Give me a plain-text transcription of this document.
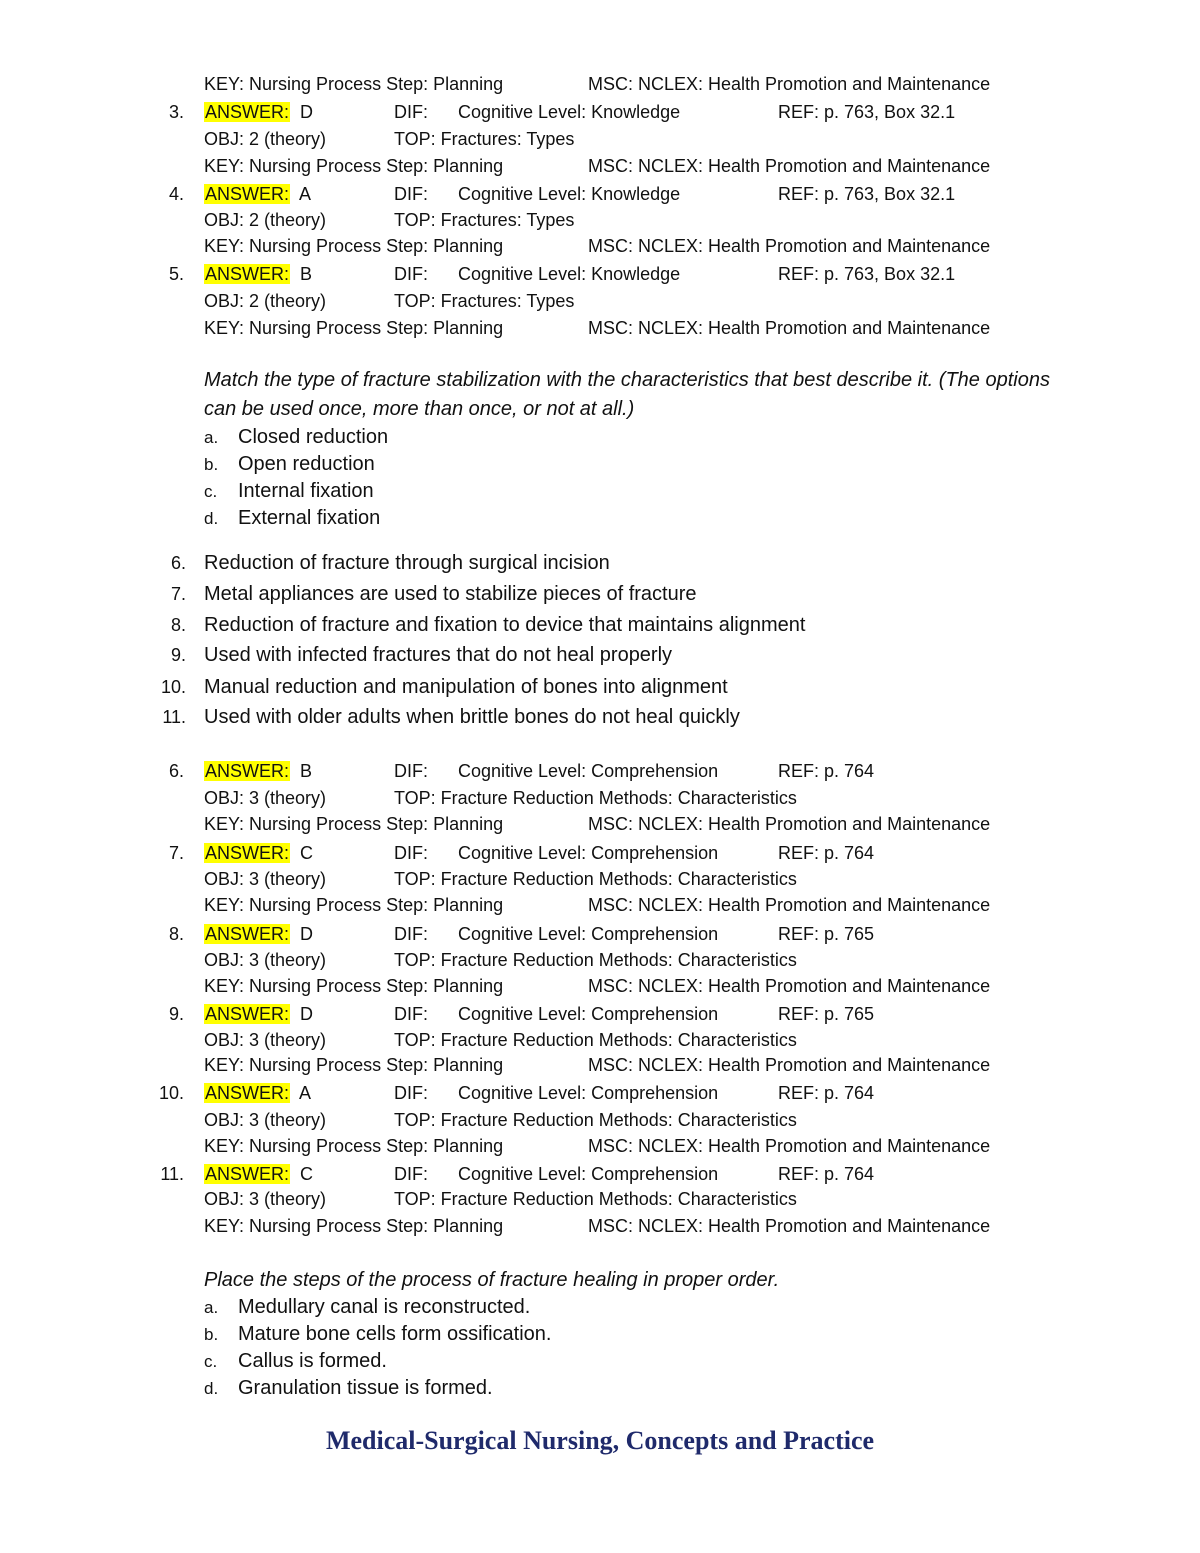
KEY: Nursing Process Step: Planning	MSC: NCLEX: Health Promotion and Maintenance
3. ANSWER: D	DIF: Cognitive Level: Knowledge	REF: p. 763, Box 32.1
OBJ: 2 (theory)	TOP: Fractures: Types
KEY: Nursing Process Step: Planning	MSC: NCLEX: Health Promotion and Maintenance
4. ANSWER: A	DIF: Cognitive Level: Knowledge	REF: p. 763, Box 32.1
OBJ: 2 (theory)	TOP: Fractures: Types
KEY: Nursing Process Step: Planning	MSC: NCLEX: Health Promotion and Maintenance
5. ANSWER: B	DIF: Cognitive Level: Knowledge	REF: p. 763, Box 32.1
OBJ: 2 (theory)	TOP: Fractures: Types
KEY: Nursing Process Step: Planning	MSC: NCLEX: Health Promotion and Maintenance
Match the type of fracture stabilization with the characteristics that best describe it. (The options can be used once, more than once, or not at all.)
a. Closed reduction
b. Open reduction
c. Internal fixation
d. External fixation
6. Reduction of fracture through surgical incision
7. Metal appliances are used to stabilize pieces of fracture
8. Reduction of fracture and fixation to device that maintains alignment
9. Used with infected fractures that do not heal properly
10. Manual reduction and manipulation of bones into alignment
11. Used with older adults when brittle bones do not heal quickly
6. ANSWER: B	DIF: Cognitive Level: Comprehension	REF: p. 764
OBJ: 3 (theory)	TOP: Fracture Reduction Methods: Characteristics
KEY: Nursing Process Step: Planning	MSC: NCLEX: Health Promotion and Maintenance
7. ANSWER: C	DIF: Cognitive Level: Comprehension	REF: p. 764
OBJ: 3 (theory)	TOP: Fracture Reduction Methods: Characteristics
KEY: Nursing Process Step: Planning	MSC: NCLEX: Health Promotion and Maintenance
8. ANSWER: D	DIF: Cognitive Level: Comprehension	REF: p. 765
OBJ: 3 (theory)	TOP: Fracture Reduction Methods: Characteristics
KEY: Nursing Process Step: Planning	MSC: NCLEX: Health Promotion and Maintenance
9. ANSWER: D	DIF: Cognitive Level: Comprehension	REF: p. 765
OBJ: 3 (theory)	TOP: Fracture Reduction Methods: Characteristics
KEY: Nursing Process Step: Planning	MSC: NCLEX: Health Promotion and Maintenance
10. ANSWER: A	DIF: Cognitive Level: Comprehension	REF: p. 764
OBJ: 3 (theory)	TOP: Fracture Reduction Methods: Characteristics
KEY: Nursing Process Step: Planning	MSC: NCLEX: Health Promotion and Maintenance
11. ANSWER: C	DIF: Cognitive Level: Comprehension	REF: p. 764
OBJ: 3 (theory)	TOP: Fracture Reduction Methods: Characteristics
KEY: Nursing Process Step: Planning	MSC: NCLEX: Health Promotion and Maintenance
Place the steps of the process of fracture healing in proper order.
a. Medullary canal is reconstructed.
b. Mature bone cells form ossification.
c. Callus is formed.
d. Granulation tissue is formed.
Medical-Surgical Nursing, Concepts and Practice
